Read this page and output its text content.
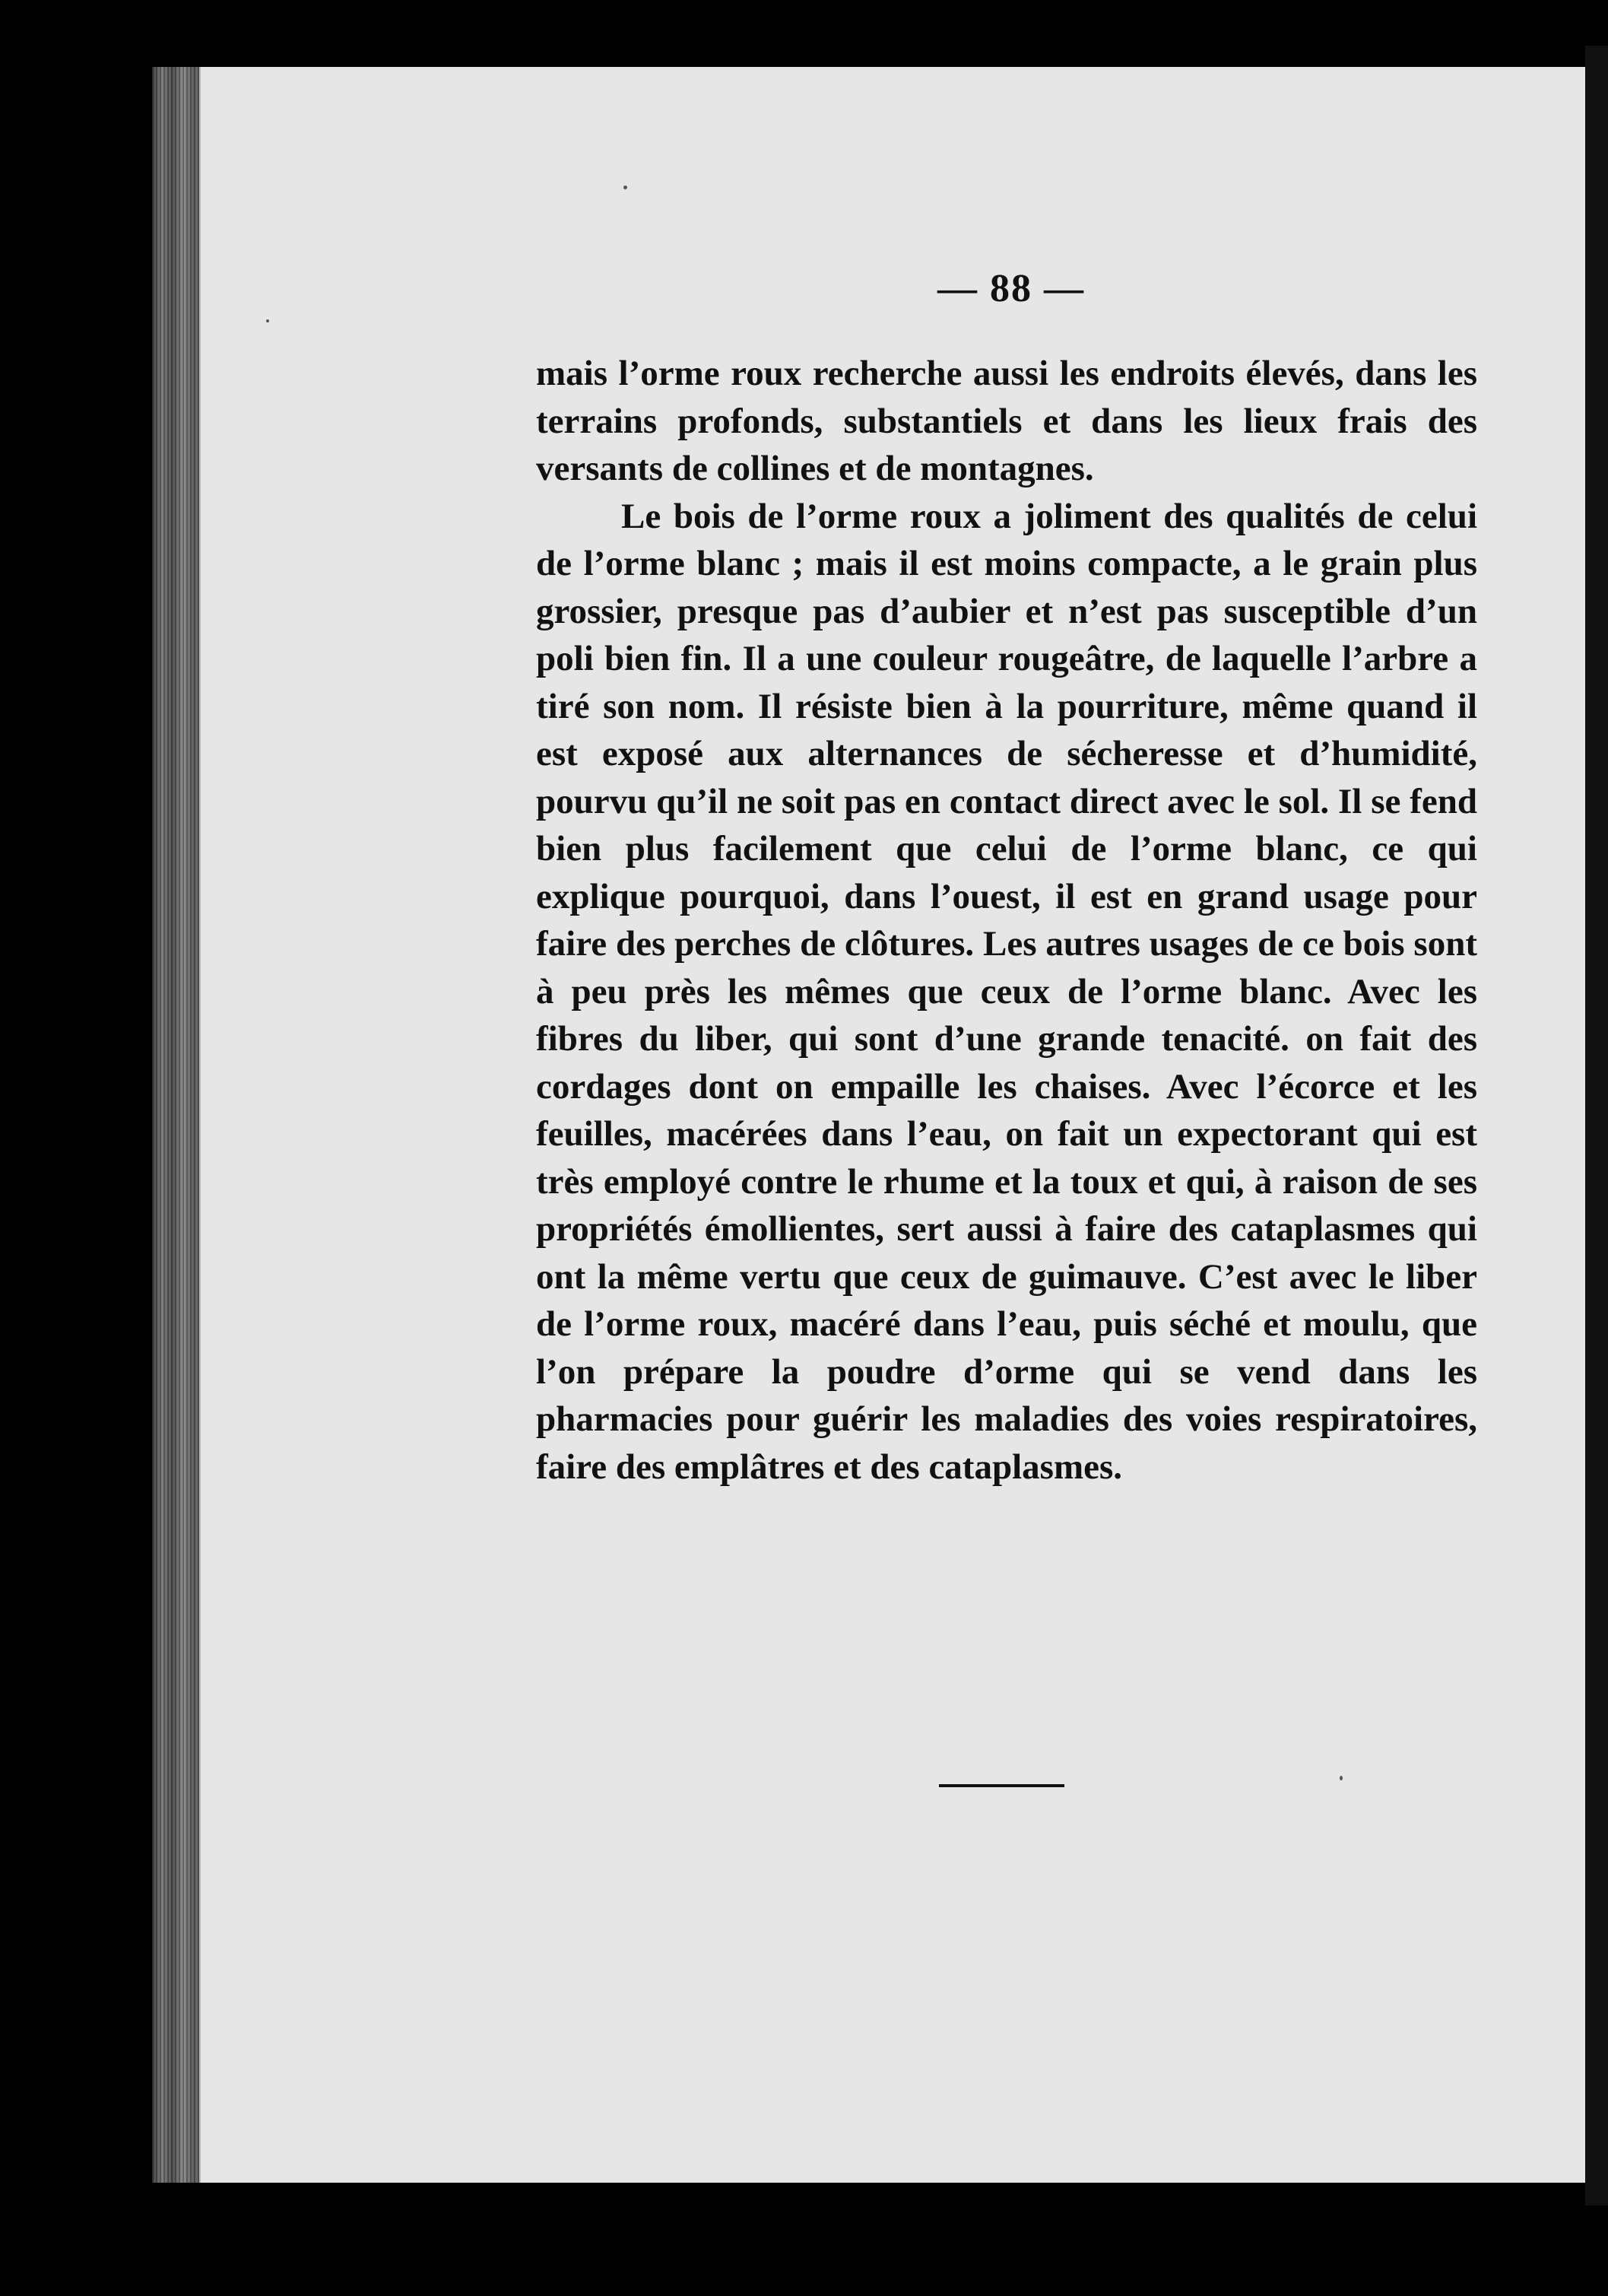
— 88 —

mais l’orme roux recherche aussi les endroits élevés, dans les terrains profonds, substantiels et dans les lieux frais des versants de collines et de montagnes.

Le bois de l’orme roux a joliment des qualités de celui de l’orme blanc ; mais il est moins compacte, a le grain plus grossier, presque pas d’aubier et n’est pas susceptible d’un poli bien fin. Il a une couleur rougeâtre, de laquelle l’arbre a tiré son nom. Il résiste bien à la pourriture, même quand il est exposé aux alternances de sécheresse et d’humidité, pourvu qu’il ne soit pas en contact direct avec le sol. Il se fend bien plus facilement que celui de l’orme blanc, ce qui explique pourquoi, dans l’ouest, il est en grand usage pour faire des perches de clôtures. Les autres usages de ce bois sont à peu près les mêmes que ceux de l’orme blanc. Avec les fibres du liber, qui sont d’une grande tenacité. on fait des cordages dont on empaille les chaises. Avec l’écorce et les feuilles, macérées dans l’eau, on fait un expectorant qui est très employé contre le rhume et la toux et qui, à raison de ses propriétés émollientes, sert aussi à faire des cataplasmes qui ont la même vertu que ceux de guimauve. C’est avec le liber de l’orme roux, macéré dans l’eau, puis séché et moulu, que l’on prépare la poudre d’orme qui se vend dans les pharmacies pour guérir les maladies des voies respiratoires, faire des emplâtres et des cataplasmes.
